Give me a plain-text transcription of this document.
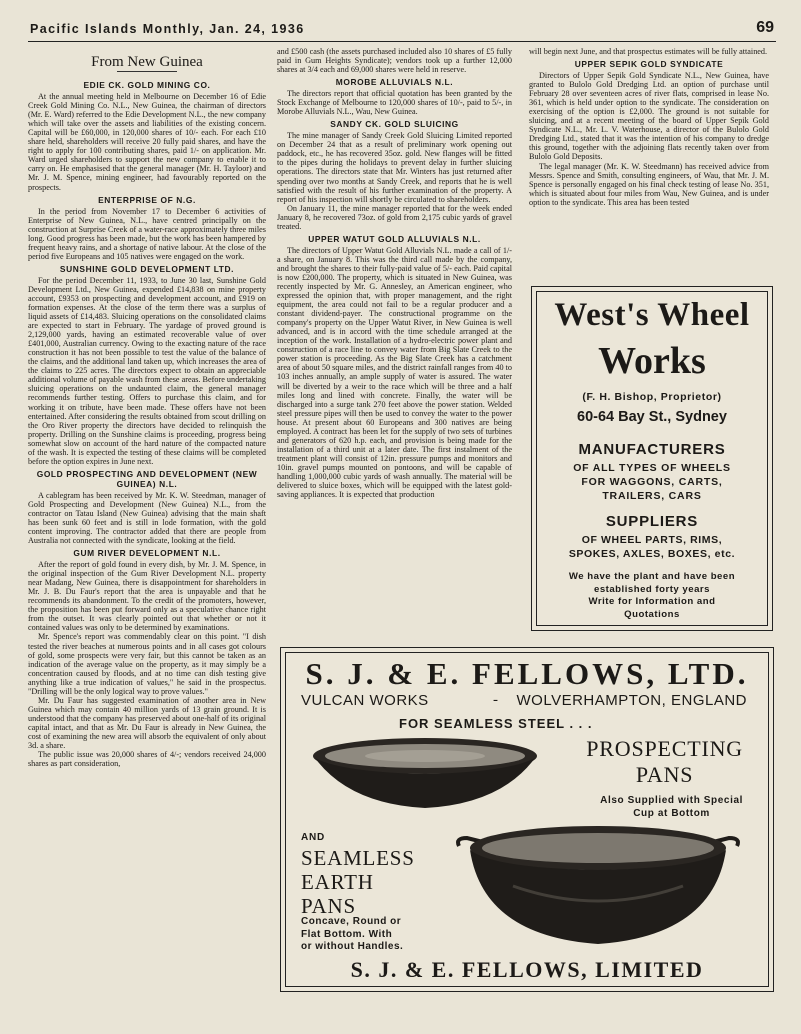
Pacific Islands Monthly, Jan. 24, 1936	69
From New Guinea
EDIE CK. GOLD MINING CO.

At the annual meeting held in Melbourne on December 16 of Edie Creek Gold Mining Co. N.L., New Guinea, the chairman of directors (Mr. E. Ward) referred to the Edie Development N.L., the new company which will take over the assets and liabilities of the existing concern. Capital will be £60,000, in 120,000 shares of 10/- each. For each £10 share held, shareholders will receive 20 fully paid shares, and have the right to apply for 100 contributing shares, paid 1/- on application. Mr. Ward urged shareholders to support the new company to enable it to carry on. He emphasised that the general manager (Mr. H. Tayloor) and Mr. J. M. Spence, mining engineer, had favourably reported on the prospects.

ENTERPRISE OF N.G.

In the period from November 17 to December 6 activities of Enterprise of New Guinea, N.L., have centred principally on the construction at Surprise Creek of a water-race approximately three miles long. Good progress has been made, but the work has been hampered by frequent heavy rains, and a shortage of native labour. At the close of the period five Europeans and 105 natives were engaged on the work.

SUNSHINE GOLD DEVELOPMENT LTD.

For the period December 11, 1933, to June 30 last, Sunshine Gold Development Ltd., New Guinea, expended £14,838 on mine property account, £9353 on prospecting and development account, and £919 on formation expenses. At the close of the term there was a surplus of liquid assets of £14,483. Sluicing operations on the consolidated claims are expected to start in February. The yardage of proved ground is 2,129,000 yards, having an estimated recoverable value of over £401,000, Australian currency. Owing to the exacting nature of the race construction it has not been possible to test the value of the balance of the claims, and the additional land taken up, which increases the area of the claims to 225 acres. The directors expect to obtain an appreciable additional volume of payable wash from these areas. Before undertaking sluicing operations on the undaunted claim, the general manager recommends further testing. Offers to purchase this claim, and for working it on tribute, have been made. These offers have not been entertained. After considering the results obtained from scout drilling on the Oro River property the directors have decided to relinquish the property. Drilling on the Sunshine claims is proceeding, progress being somewhat slow on account of the hard nature of the compacted nature of the wash. It is expected the testing of these claims will be completed before the option expires in June next.

GOLD PROSPECTING AND DEVELOPMENT (NEW GUINEA) N.L.

A cablegram has been received by Mr. K. W. Steedman, manager of Gold Prospecting and Development (New Guinea) N.L., from the contractor on Tatau Island (New Guinea) advising that the main shaft has been sunk 60 feet and is still in lode formation, with the gold content improving. The contractor added that there are people from Australia not connected with the syndicate, looking at the field.

GUM RIVER DEVELOPMENT N.L.

After the report of gold found in every dish, by Mr. J. M. Spence, in the original inspection of the Gum River Development N.L. property near Madang, New Guinea, there is disappointment for shareholders in Mr. J. B. Du Faur's report that the area is unpayable and that he recommends its abandonment. To the credit of the promoters, however, the proposition has been put forward only as a speculative chance right from the outset. It was clearly pointed out that whether or not it contained values was only to be determined by examinations.

Mr. Spence's report was commendably clear on this point. "I dish tested the river beaches at numerous points and in all cases got colours of gold, some prospects were very fair, but this cannot be taken as an indication of the average value on the property, as it may simply be a concentration caused by floods, and at no time can dish testing give anything like a true indication of values," he said in the prospectus. "Drilling will be the only logical way to prove values."

Mr. Du Faur has suggested examination of another area in New Guinea which may contain 40 million yards of 13 grain ground. It is understood that the company has preserved about one-half of its original capital intact, and that as Mr. Du Faur is already in New Guinea, the cost of examining the new area will absorb the equivalent of only about 3d. a share.

The public issue was 20,000 shares of 4/-; vendors received 24,000 shares as part consideration,

and £500 cash (the assets purchased included also 10 shares of £5 fully paid in Gum Heights Syndicate); vendors took up a further 12,000 shares at 3/4 each and 69,000 shares were held in reserve.

MOROBE ALLUVIALS N.L.

The directors report that official quotation has been granted by the Stock Exchange of Melbourne to 120,000 shares of 10/-, paid to 5/-, in Morobe Alluvials N.L., Wau, New Guinea.

SANDY CK. GOLD SLUICING

The mine manager of Sandy Creek Gold Sluicing Limited reported on December 24 that as a result of preliminary work opening out paddock, etc., he has recovered 35oz. gold. New flanges will be fitted to the pipes during the holidays to prevent delay in further sluicing operations. The directors state that Mr. Winters has just returned after spending over two months at Sandy Creek, and reports that he is well satisfied with the result of his further examination of the property. A report of his inspection will shortly be circulated to shareholders.

On January 11, the mine manager reported that for the week ended January 8, he recovered 73oz. of gold from 2,175 cubic yards of gravel treated.

UPPER WATUT GOLD ALLUVIALS N.L.

The directors of Upper Watut Gold Alluvials N.L. made a call of 1/- a share, on January 8. This was the third call made by the company, and brought the shares to their fully-paid value of 5/- each. Paid capital is now £200,000. The property, which is situated in New Guinea, was recently inspected by Mr. G. Annesley, an American engineer, who expressed the opinion that, with proper management, and the right equipment, the area could not fail to be a regular producer and a constant dividend-payer. The constructional programme on the company's property on the Upper Watut River, in New Guinea is well advanced, and is in accord with the time schedule arranged at the inception of the work. Installation of a hydro-electric power plant and construction of a race line to convey water from Big Slate Creek to the power station is proceeding. As the Big Slate Creek has a catchment area of about 50 square miles, and the district rainfall ranges from 40 to 103 inches annually, an ample supply of water is assured. The water will be diverted by a weir to the race which will be three and a half miles long and lined with concrete. Finally, the water will be discharged into a surge tank 270 feet above the power station. Welded steel pressure pipes will then be used to convey the water to the power house. At present about 60 Europeans and 300 natives are being employed. A contract has been let for the supply of two sets of turbines and generators of 620 h.p. each, and provision is being made for the installation of a third unit at a later date. The first instalment of the treatment plant will consist of 12in. pressure pumps and monitors and 10in. gravel pumps mounted on pontoons, and will be capable of handling 1,000,000 cubic yards of wash annually. The material will be delivered to sluice boxes, which will be equipped with the latest gold-saving appliances. It is expected that production

will begin next June, and that prospectus estimates will be fully attained.

UPPER SEPIK GOLD SYNDICATE

Directors of Upper Sepik Gold Syndicate N.L., New Guinea, have granted to Bulolo Gold Dredging Ltd. an option of purchase until February 28 over seventeen acres of river flats, comprised in lease No. 361, which is held under option to the syndicate. The consideration on exercising of the option is £2,000. The ground is not suitable for sluicing, and at a recent meeting of the board of Upper Sepik Gold Syndicate N.L., Mr. L. V. Waterhouse, a director of the Bulolo Gold Dredging Ltd., stated that it was the intention of his company to dredge this ground, together with the adjoining flats recently taken over from Bulolo Gold Deposits.

The legal manager (Mr. K. W. Steedmann) has received advice from Messrs. Spence and Smith, consulting engineers, of Wau, that Mr. J. M. Spence is personally engaged on his final check testing of lease No. 351, which is situated about four miles from Wau, New Guinea, and is under option to the syndicate. This area has been tested

West's Wheel
Works
(F. H. Bishop, Proprietor)
60-64 Bay St., Sydney
MANUFACTURERS
OF ALL TYPES OF WHEELS
FOR WAGGONS, CARTS,
TRAILERS, CARS
SUPPLIERS
OF WHEEL PARTS, RIMS,
SPOKES, AXLES, BOXES, etc.
We have the plant and have been
established forty years
Write for Information and
Quotations
S. J. & E. FELLOWS, LTD.
VULCAN WORKS	- WOLVERHAMPTON, ENGLAND
FOR SEAMLESS STEEL . . .
PROSPECTING
PANS
Also Supplied with Special
Cup at Bottom
AND
SEAMLESS
EARTH
PANS
Concave, Round or
Flat Bottom. With
or without Handles.
S. J. & E. FELLOWS, LIMITED
